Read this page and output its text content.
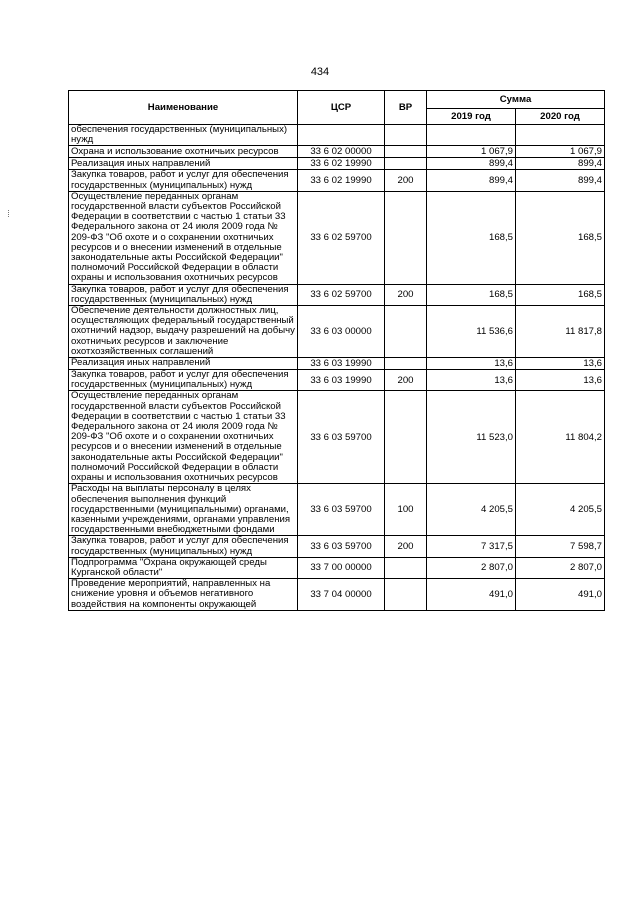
434
Наименование	ЦСР	ВР	Сумма	
			2019 год	2020 год
обеспечения государственных (муниципальных) нужд				
Охрана и использование охотничьих ресурсов	33 6 02 00000		1 067,9	1 067,9
Реализация иных направлений	33 6 02 19990		899,4	899,4
Закупка товаров, работ и услуг для обеспечения государственных (муниципальных) нужд	33 6 02 19990	200	899,4	899,4
Осуществление переданных органам государственной власти субъектов Российской Федерации в соответствии с частью 1 статьи 33 Федерального закона от 24 июля 2009 года № 209-ФЗ "Об охоте и о сохранении охотничьих ресурсов и о внесении изменений в отдельные законодательные акты Российской Федерации" полномочий Российской Федерации в области охраны и использования охотничьих ресурсов	33 6 02 59700		168,5	168,5
Закупка товаров, работ и услуг для обеспечения государственных (муниципальных) нужд	33 6 02 59700	200	168,5	168,5
Обеспечение деятельности должностных лиц, осуществляющих федеральный государственный охотничий надзор, выдачу разрешений на добычу охотничьих ресурсов и заключение охотхозяйственных соглашений	33 6 03 00000		11 536,6	11 817,8
Реализация иных направлений	33 6 03 19990		13,6	13,6
Закупка товаров, работ и услуг для обеспечения государственных (муниципальных) нужд	33 6 03 19990	200	13,6	13,6
Осуществление переданных органам государственной власти субъектов Российской Федерации в соответствии с частью 1 статьи 33 Федерального закона от 24 июля 2009 года № 209-ФЗ "Об охоте и о сохранении охотничьих ресурсов и о внесении изменений в отдельные законодательные акты Российской Федерации" полномочий Российской Федерации в области охраны и использования охотничьих ресурсов	33 6 03 59700		11 523,0	11 804,2
Расходы на выплаты персоналу в целях обеспечения выполнения функций государственными (муниципальными) органами, казенными учреждениями, органами управления государственными внебюджетными фондами	33 6 03 59700	100	4 205,5	4 205,5
Закупка товаров, работ и услуг для обеспечения государственных (муниципальных) нужд	33 6 03 59700	200	7 317,5	7 598,7
Подпрограмма "Охрана окружающей среды Курганской области"	33 7 00 00000		2 807,0	2 807,0
Проведение мероприятий, направленных на снижение уровня и объемов негативного воздействия на компоненты окружающей	33 7 04 00000		491,0	491,0
